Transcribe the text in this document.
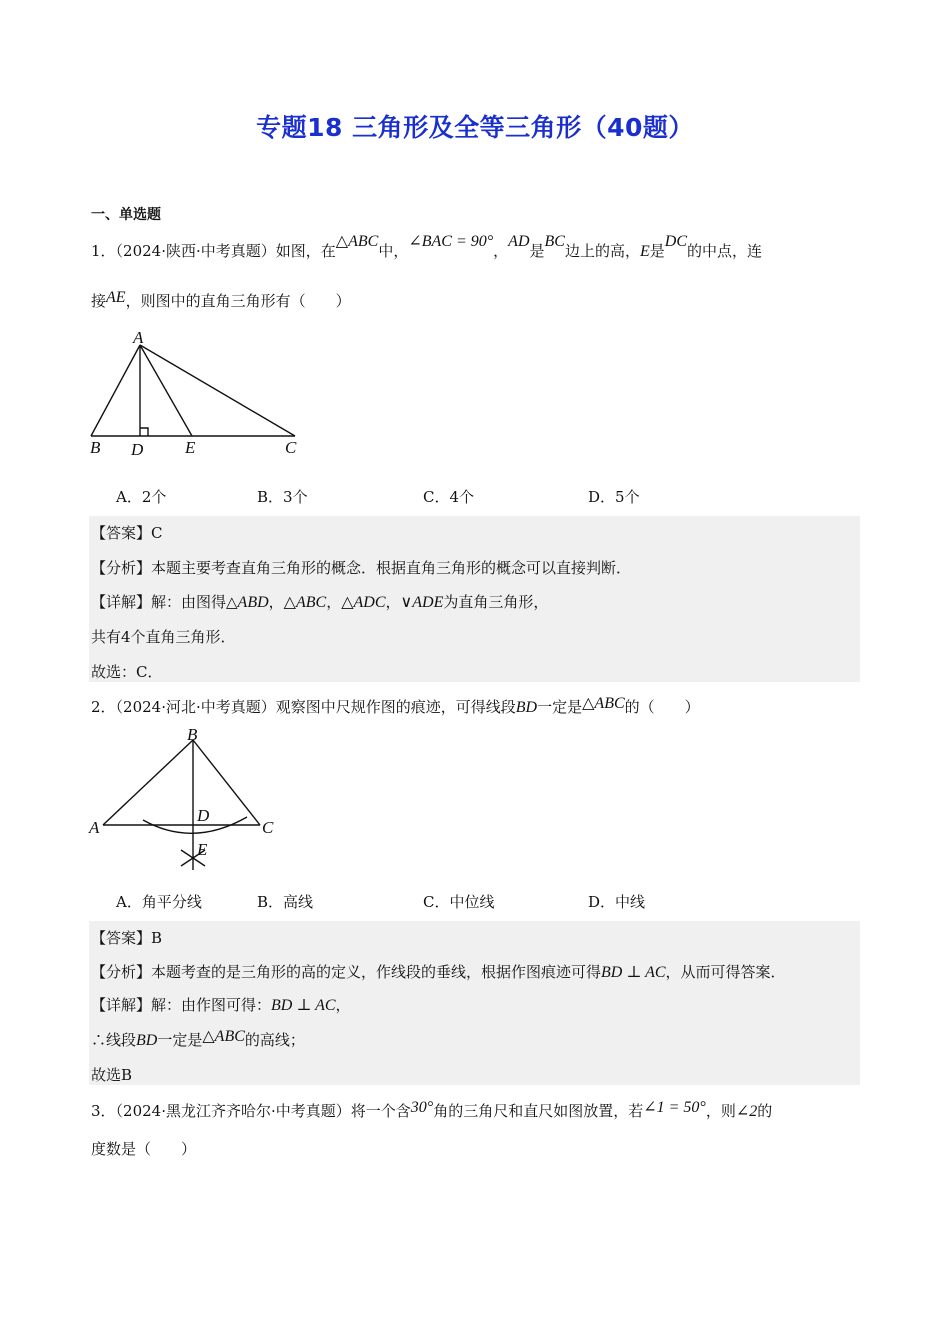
专题18 三角形及全等三角形（40题）
一、单选题
1．（2024·陕西·中考真题）如图，在△ABC中，∠BAC = 90°，AD是BC边上的高，E是DC的中点，连
接AE，则图中的直角三角形有（　　）
A
B D E	C
A．2个	B．3个	C．4个	D．5个
【答案】C
【分析】本题主要考查直角三角形的概念．根据直角三角形的概念可以直接判断．
【详解】解：由图得△ABD，△ABC，△ADC，∨ADE为直角三角形，
共有4个直角三角形．
故选：C．
2．（2024·河北·中考真题）观察图中尺规作图的痕迹，可得线段BD一定是△ABC的（　　）
B
A
D
C
E
A．角平分线	B．高线	C．中位线	D．中线
【答案】B
【分析】本题考查的是三角形的高的定义，作线段的垂线，根据作图痕迹可得BD ⊥ AC，从而可得答案．
【详解】解：由作图可得：BD ⊥ AC，
∴线段BD一定是△ABC的高线；
故选B
3．（2024·黑龙江齐齐哈尔·中考真题）将一个含30°角的三角尺和直尺如图放置，若∠1 = 50°，则∠2的
度数是（　　）
